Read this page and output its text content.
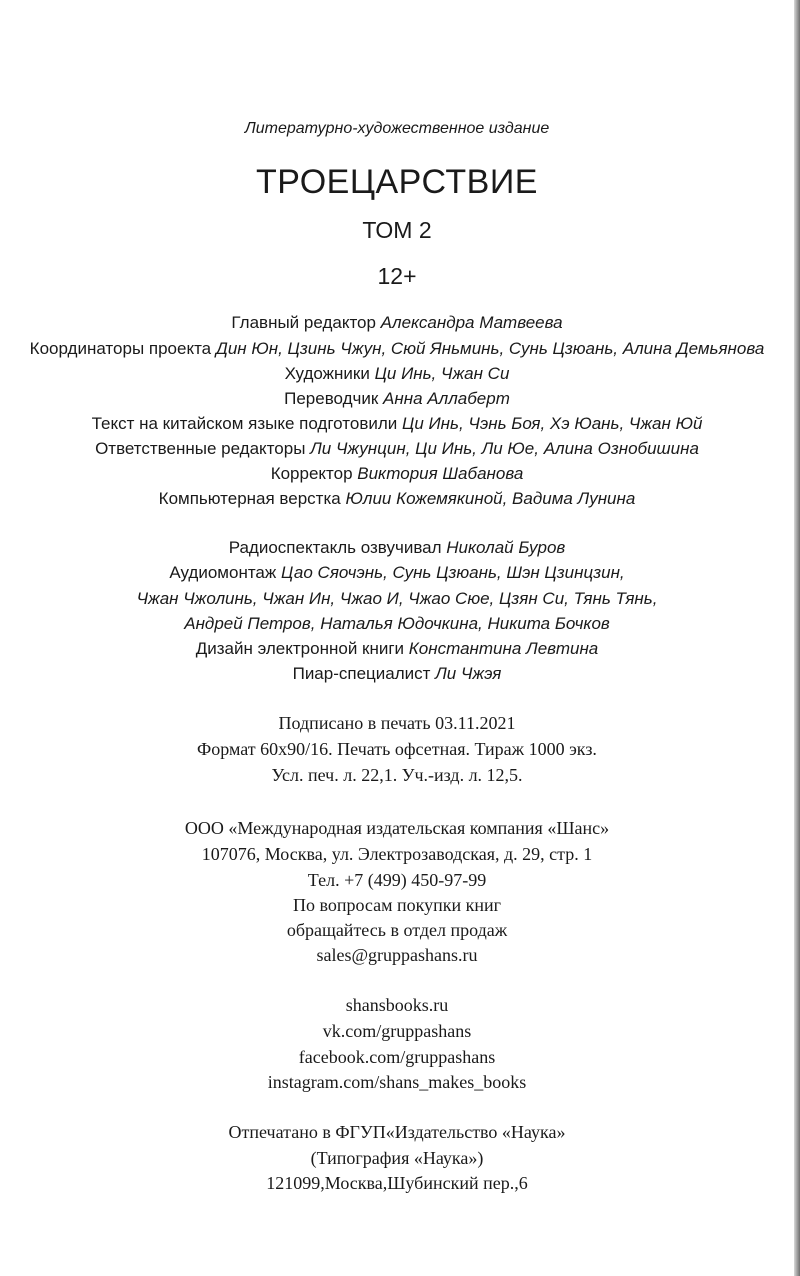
Литературно-художественное издание
ТРОЕЦАРСТВИЕ
ТОМ 2
12+
Главный редактор Александра Матвеева
Координаторы проекта Дин Юн, Цзинь Чжун, Сюй Яньминь, Сунь Цзюань, Алина Демьянова
Художники Ци Инь, Чжан Си
Переводчик Анна Аллаберт
Текст на китайском языке подготовили Ци Инь, Чэнь Боя, Хэ Юань, Чжан Юй
Ответственные редакторы Ли Чжунцин, Ци Инь, Ли Юе, Алина Ознобишина
Корректор Виктория Шабанова
Компьютерная верстка Юлии Кожемякиной, Вадима Лунина
Радиоспектакль озвучивал Николай Буров
Аудиомонтаж Цао Сяочэнь, Сунь Цзюань, Шэн Цзинцзин,
Чжан Чжолинь, Чжан Ин, Чжао И, Чжао Сюе, Цзян Си, Тянь Тянь,
Андрей Петров, Наталья Юдочкина, Никита Бочков
Дизайн электронной книги Константина Левтина
Пиар-специалист Ли Чжэя
Подписано в печать 03.11.2021
Формат 60х90/16. Печать офсетная. Тираж 1000 экз.
Усл. печ. л. 22,1. Уч.-изд. л. 12,5.
ООО «Международная издательская компания «Шанс»
107076, Москва, ул. Электрозаводская, д. 29, стр. 1
Тел. +7 (499) 450-97-99
По вопросам покупки книг
обращайтесь в отдел продаж
sales@gruppashans.ru
shansbooks.ru
vk.com/gruppashans
facebook.com/gruppashans
instagram.com/shans_makes_books
Отпечатано в ФГУП«Издательство «Наука»
(Типография «Наука»)
121099,Москва,Шубинский пер.,6
